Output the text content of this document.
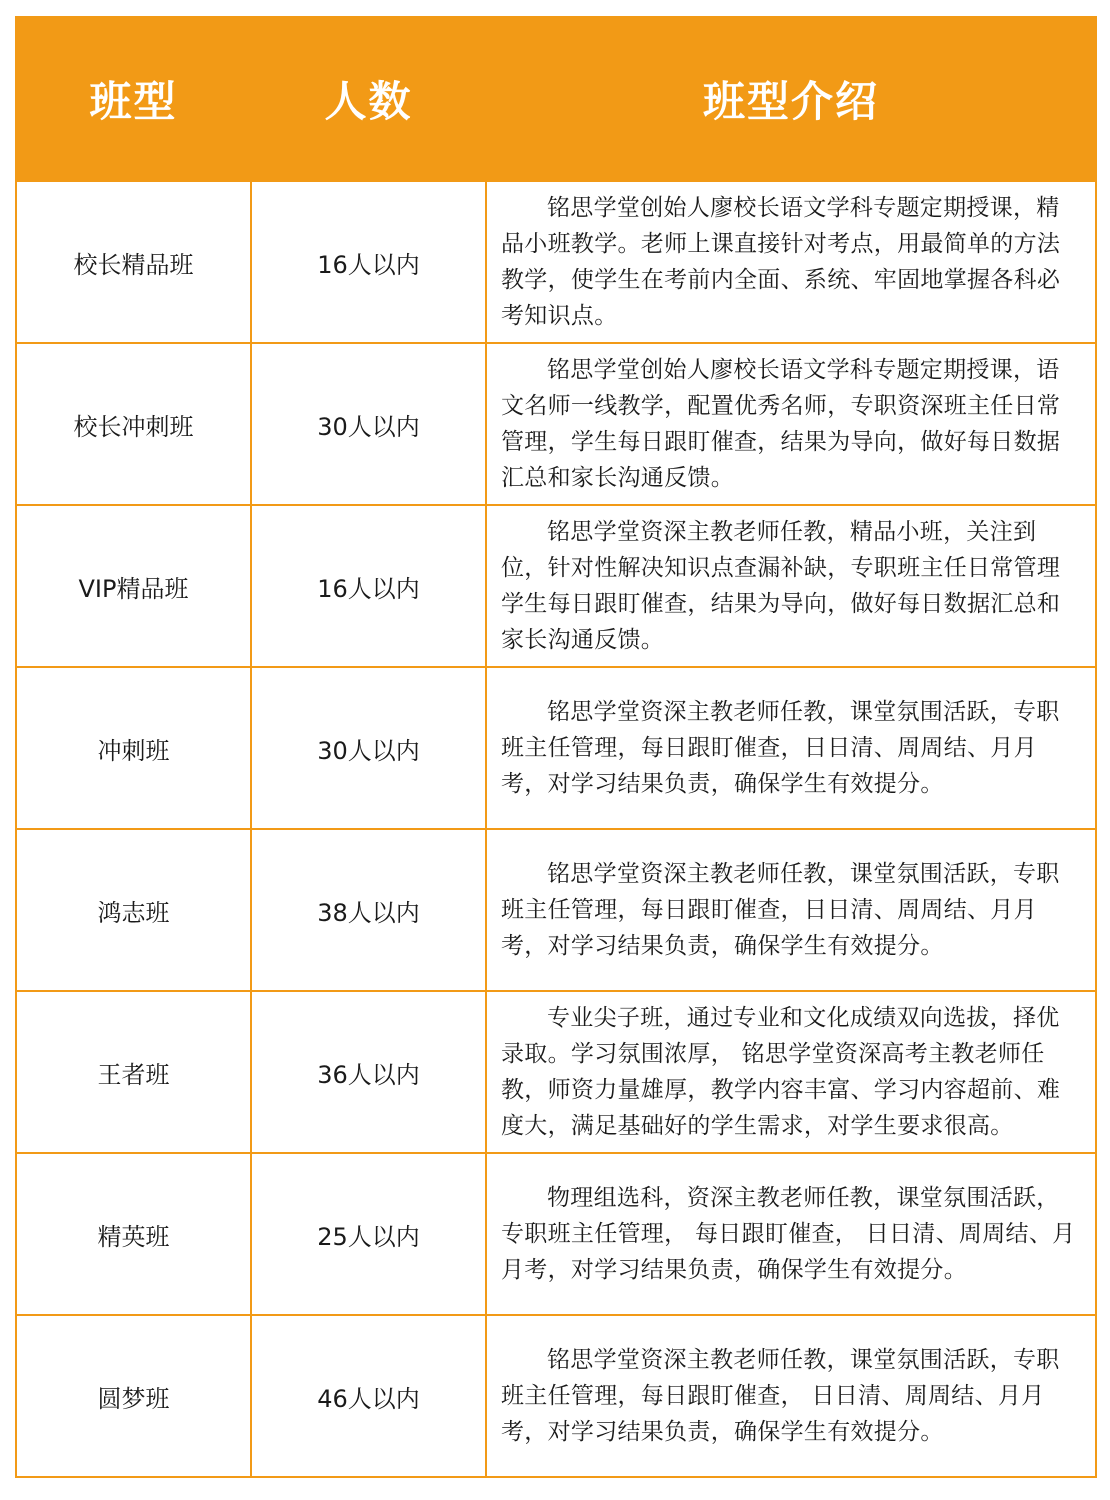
班型	人数	班型介绍
校长精品班	16人以内	铭思学堂创始人廖校长语文学科专题定期授课，精品小班教学。老师上课直接针对考点，用最简单的方法教学，使学生在考前内全面、系统、牢固地掌握各科必考知识点。

校长冲刺班	30人以内	铭思学堂创始人廖校长语文学科专题定期授课，语文名师一线教学，配置优秀名师，专职资深班主任日常管理，学生每日跟盯催查，结果为导向，做好每日数据汇总和家长沟通反馈。

VIP精品班	16人以内	铭思学堂资深主教老师任教，精品小班，关注到位，针对性解决知识点查漏补缺，专职班主任日常管理学生每日跟盯催查，结果为导向，做好每日数据汇总和家长沟通反馈。

冲刺班	30人以内	铭思学堂资深主教老师任教，课堂氛围活跃，专职班主任管理，每日跟盯催查，日日清、周周结、月月考，对学习结果负责，确保学生有效提分。

鸿志班	38人以内	铭思学堂资深主教老师任教，课堂氛围活跃，专职班主任管理，每日跟盯催查，日日清、周周结、月月考，对学习结果负责，确保学生有效提分。

王者班	36人以内	专业尖子班，通过专业和文化成绩双向选拔，择优录取。学习氛围浓厚， 铭思学堂资深高考主教老师任教，师资力量雄厚，教学内容丰富、学习内容超前、难度大，满足基础好的学生需求，对学生要求很高。

精英班	25人以内	物理组选科，资深主教老师任教，课堂氛围活跃，专职班主任管理， 每日跟盯催查， 日日清、周周结、月月考，对学习结果负责，确保学生有效提分。

圆梦班	46人以内	铭思学堂资深主教老师任教，课堂氛围活跃，专职班主任管理，每日跟盯催查， 日日清、周周结、月月考，对学习结果负责，确保学生有效提分。
